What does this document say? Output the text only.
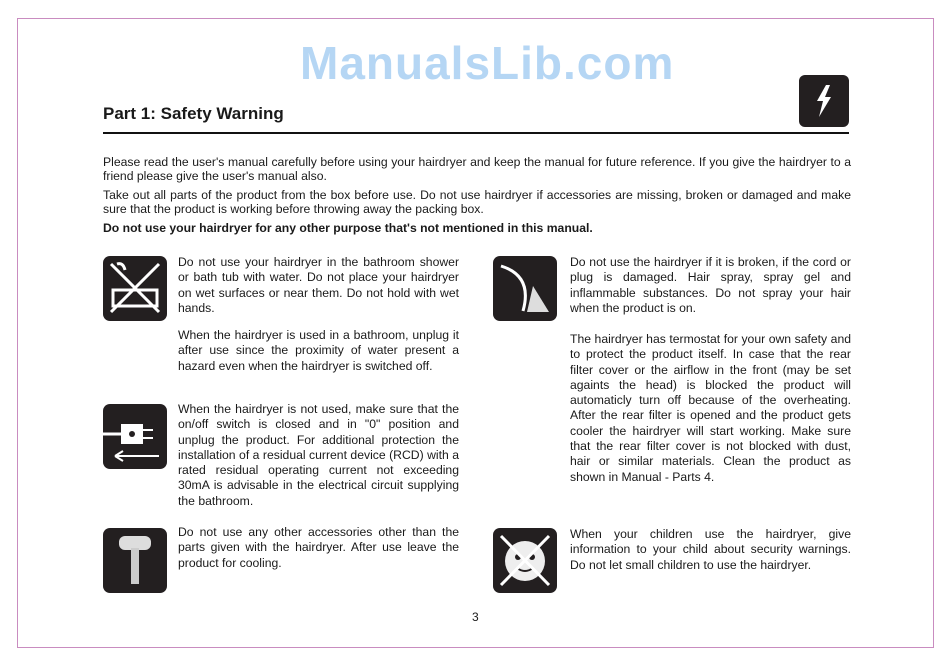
ManualsLib.com
Part 1: Safety Warning
Please read the user's manual carefully before using your hairdryer and keep the manual for future reference. If you give the hairdryer to a friend please give the user's manual also.
Take out all parts of the product from the box before use. Do not use hairdryer if accessories are missing, broken or damaged and make sure that the product is working before throwing away the packing box.
Do not use your hairdryer for any other purpose that's not mentioned in this manual.
Do not use your hairdryer in the bathroom shower or bath tub with water. Do not place your hairdryer on wet surfaces or near them. Do not hold with wet hands.
When the hairdryer is used in a bathroom, unplug it after use since the proximity of water present a hazard even when the hairdryer is switched off.
When the hairdryer is not used, make sure that the on/off switch is closed and in "0" position and unplug the product. For additional protection the installation of a residual current device (RCD) with a rated residual operating current not exceeding 30mA is advisable in the electrical circuit supplying the bathroom.
Do not use any other accessories other than the parts given with the hairdryer. After use leave the product for cooling.
Do not use the hairdryer if it is broken, if the cord or plug is damaged. Hair spray, spray gel and inflammable substances. Do not spray your hair when the product is on.
The hairdryer has termostat for your own safety and to protect the product itself. In case that the rear filter cover or the airflow in the front (may be set againts the head) is blocked the product will automaticly turn off because of the overheating. After the rear filter is opened and the product gets cooler the hairdryer will start working. Make sure that the rear filter cover is not blocked with dust, hair or similar materials. Clean the product as shown in Manual - Parts 4.
When your children use the hairdryer, give information to your child about security warnings. Do not let small children to use the hairdryer.
3
